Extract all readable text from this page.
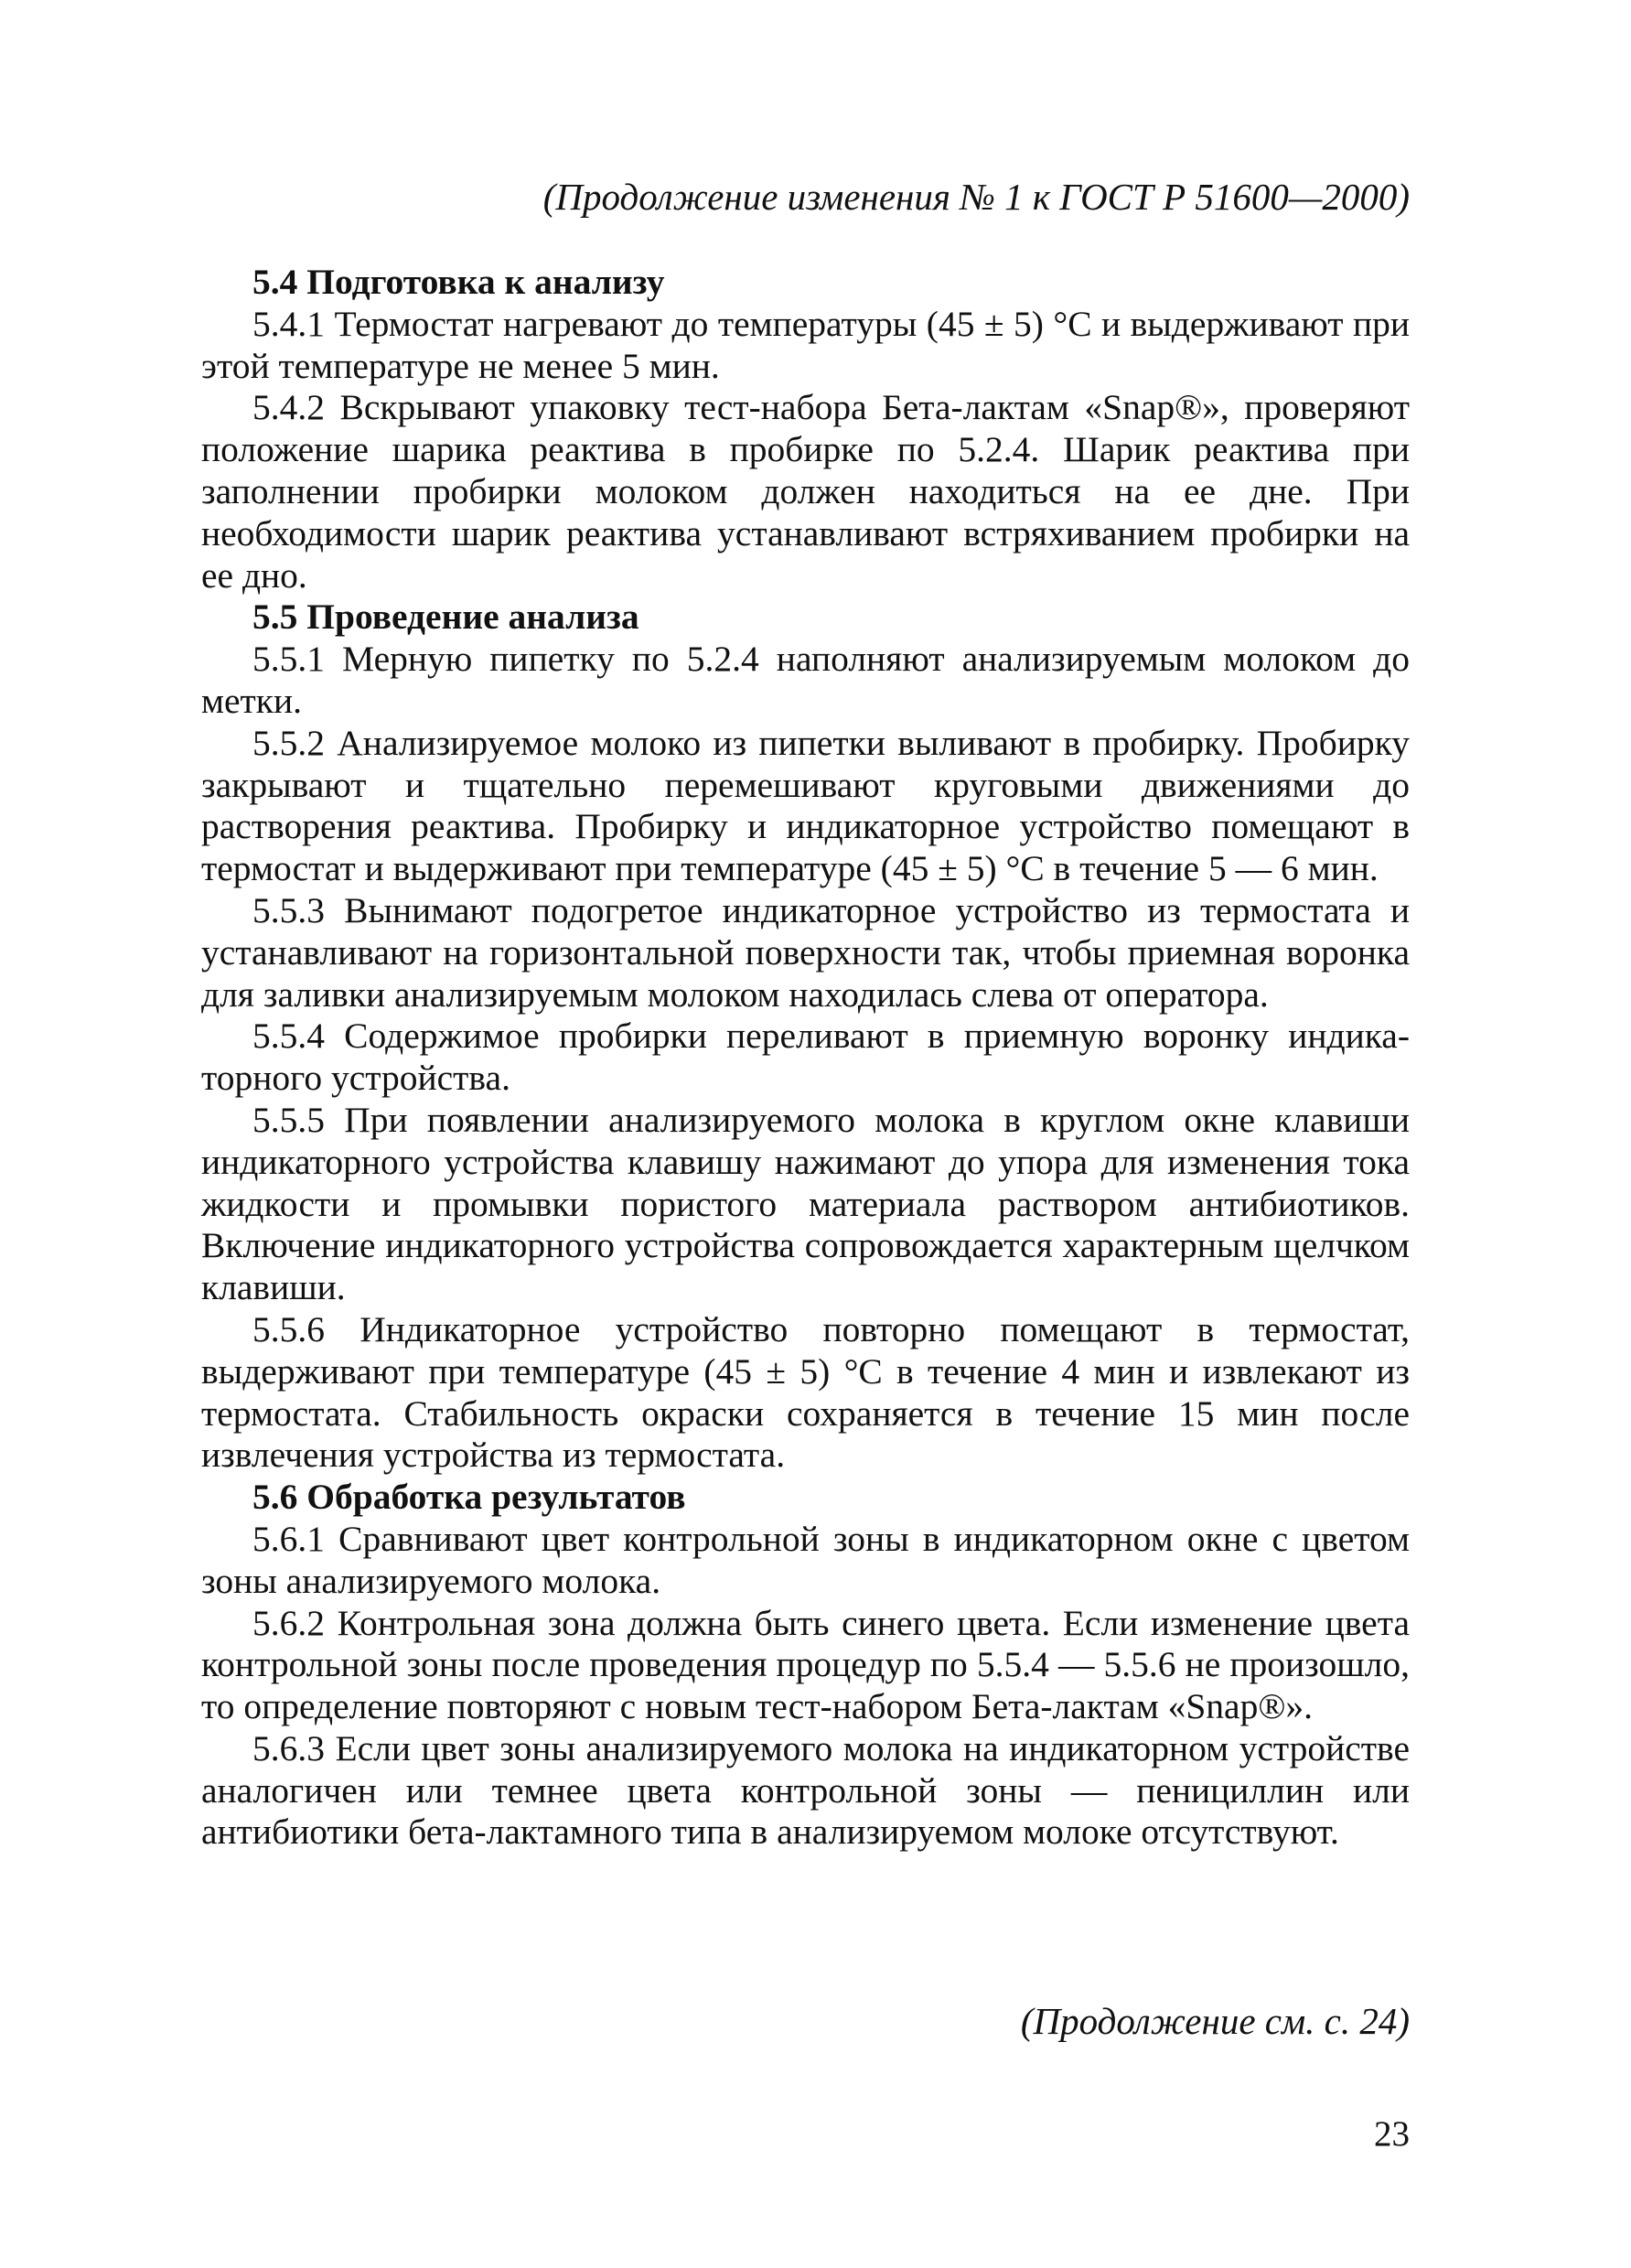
(Продолжение изменения № 1 к ГОСТ Р 51600—2000)
5.4 Подготовка к анализу

5.4.1 Термостат нагревают до температуры (45 ± 5) °С и выдерживают при этой температуре не менее 5 мин.

5.4.2 Вскрывают упаковку тест-набора Бета-лактам «Snap®», проверяют положение шарика реактива в пробирке по 5.2.4. Шарик реактива при заполнении пробирки молоком должен находиться на ее дне. При необходимости шарик реактива устанавливают встряхиванием пробирки на ее дно.

5.5 Проведение анализа

5.5.1 Мерную пипетку по 5.2.4 наполняют анализируемым молоком до метки.

5.5.2 Анализируемое молоко из пипетки выливают в пробирку. Пробирку закрывают и тщательно перемешивают круговыми движениями до растворения реактива. Пробирку и индикаторное устройство помещают в термостат и выдерживают при температуре (45 ± 5) °С в течение 5 — 6 мин.

5.5.3 Вынимают подогретое индикаторное устройство из термостата и устанавливают на горизонтальной поверхности так, чтобы приемная воронка для заливки анализируемым молоком находилась слева от оператора.

5.5.4 Содержимое пробирки переливают в приемную воронку индикаторного устройства.

5.5.5 При появлении анализируемого молока в круглом окне клавиши индикаторного устройства клавишу нажимают до упора для изменения тока жидкости и промывки пористого материала раствором антибиотиков. Включение индикаторного устройства сопровождается характерным щелчком клавиши.

5.5.6 Индикаторное устройство повторно помещают в термостат, выдерживают при температуре (45 ± 5) °С в течение 4 мин и извлекают из термостата. Стабильность окраски сохраняется в течение 15 мин после извлечения устройства из термостата.

5.6 Обработка результатов

5.6.1 Сравнивают цвет контрольной зоны в индикаторном окне с цветом зоны анализируемого молока.

5.6.2 Контрольная зона должна быть синего цвета. Если изменение цвета контрольной зоны после проведения процедур по 5.5.4 — 5.5.6 не произошло, то определение повторяют с новым тест-набором Бета-лактам «Snap®».

5.6.3 Если цвет зоны анализируемого молока на индикаторном устройстве аналогичен или темнее цвета контрольной зоны — пенициллин или антибиотики бета-лактамного типа в анализируемом молоке отсутствуют.

(Продолжение см. с. 24)
23
